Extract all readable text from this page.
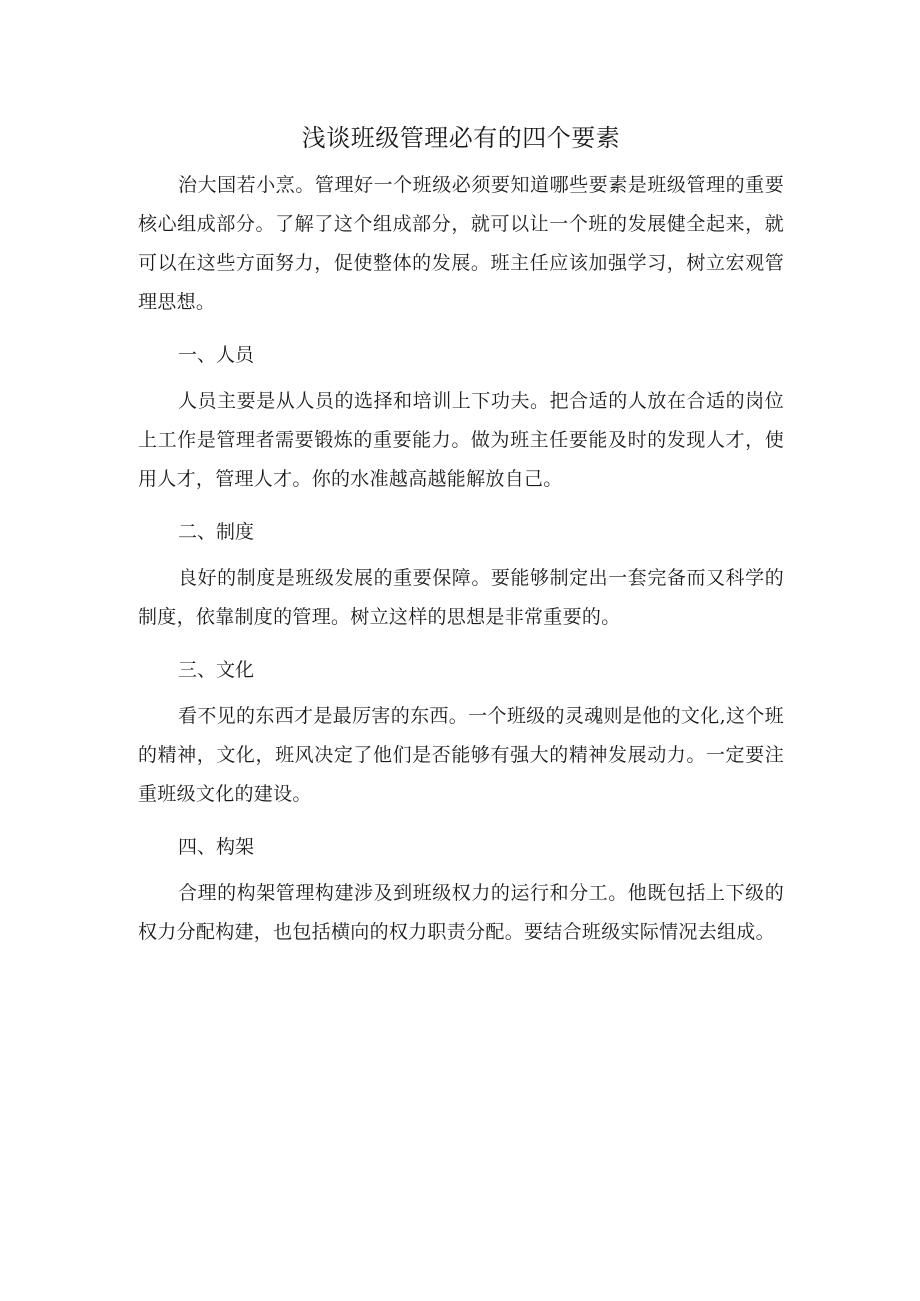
浅谈班级管理必有的四个要素

治大国若小烹。管理好一个班级必须要知道哪些要素是班级管理的重要核心组成部分。了解了这个组成部分，就可以让一个班的发展健全起来，就可以在这些方面努力，促使整体的发展。班主任应该加强学习，树立宏观管理思想。

一、人员

人员主要是从人员的选择和培训上下功夫。把合适的人放在合适的岗位上工作是管理者需要锻炼的重要能力。做为班主任要能及时的发现人才，使用人才，管理人才。你的水准越高越能解放自己。

二、制度

良好的制度是班级发展的重要保障。要能够制定出一套完备而又科学的制度，依靠制度的管理。树立这样的思想是非常重要的。

三、文化

看不见的东西才是最厉害的东西。一个班级的灵魂则是他的文化,这个班的精神，文化，班风决定了他们是否能够有强大的精神发展动力。一定要注重班级文化的建设。

四、构架

合理的构架管理构建涉及到班级权力的运行和分工。他既包括上下级的权力分配构建，也包括横向的权力职责分配。要结合班级实际情况去组成。
